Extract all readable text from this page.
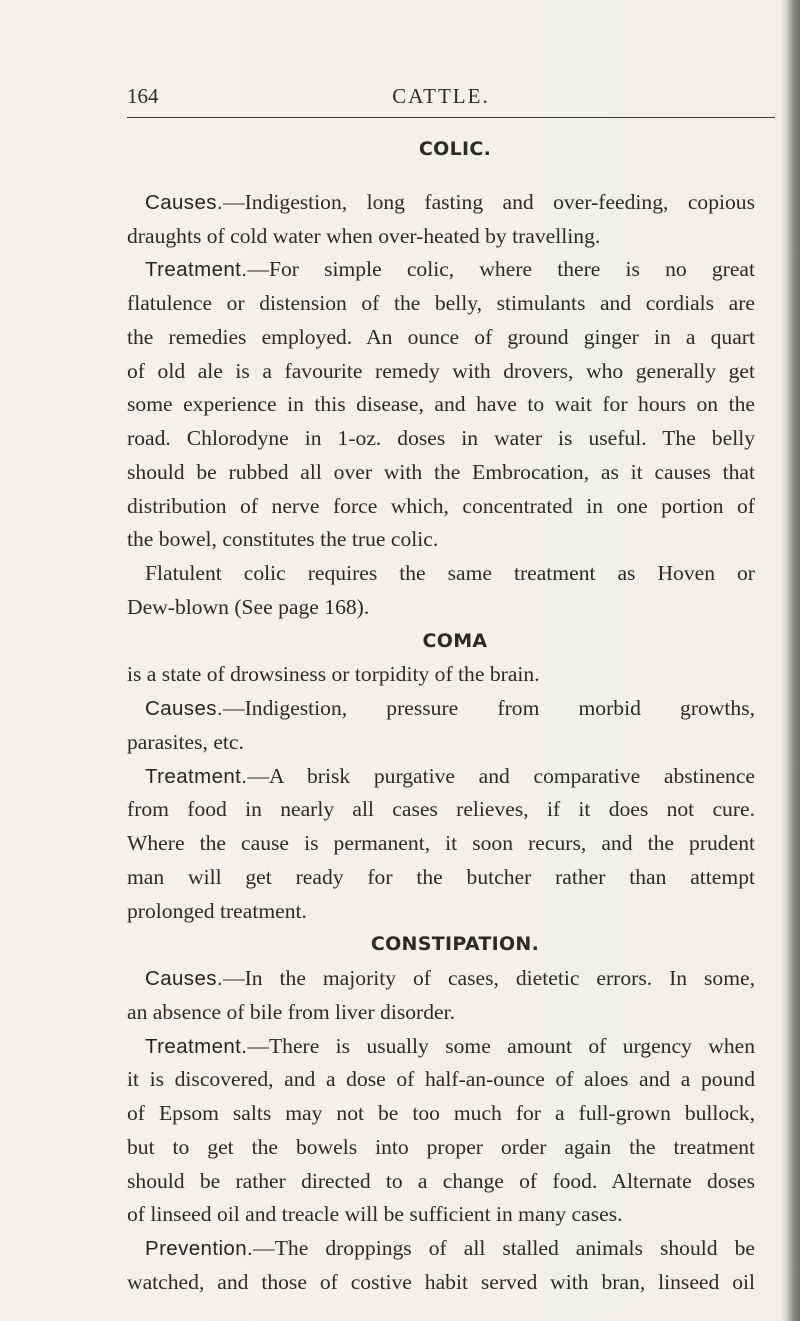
164	CATTLE.
COLIC.
Causes.—Indigestion, long fasting and over-feeding, copious
draughts of cold water when over-heated by travelling.
Treatment.—For simple colic, where there is no great
flatulence or distension of the belly, stimulants and cordials are
the remedies employed. An ounce of ground ginger in a quart
of old ale is a favourite remedy with drovers, who generally get
some experience in this disease, and have to wait for hours on the
road. Chlorodyne in 1-oz. doses in water is useful. The belly
should be rubbed all over with the Embrocation, as it causes that
distribution of nerve force which, concentrated in one portion of
the bowel, constitutes the true colic.
Flatulent colic requires the same treatment as Hoven or
Dew-blown (See page 168).
COMA
is a state of drowsiness or torpidity of the brain.
Causes.—Indigestion, pressure from morbid growths,
parasites, etc.
Treatment.—A brisk purgative and comparative abstinence
from food in nearly all cases relieves, if it does not cure.
Where the cause is permanent, it soon recurs, and the prudent
man will get ready for the butcher rather than attempt
prolonged treatment.
CONSTIPATION.
Causes.—In the majority of cases, dietetic errors. In some,
an absence of bile from liver disorder.
Treatment.—There is usually some amount of urgency when
it is discovered, and a dose of half-an-ounce of aloes and a pound
of Epsom salts may not be too much for a full-grown bullock,
but to get the bowels into proper order again the treatment
should be rather directed to a change of food. Alternate doses
of linseed oil and treacle will be sufficient in many cases.
Prevention.—The droppings of all stalled animals should be
watched, and those of costive habit served with bran, linseed oil
